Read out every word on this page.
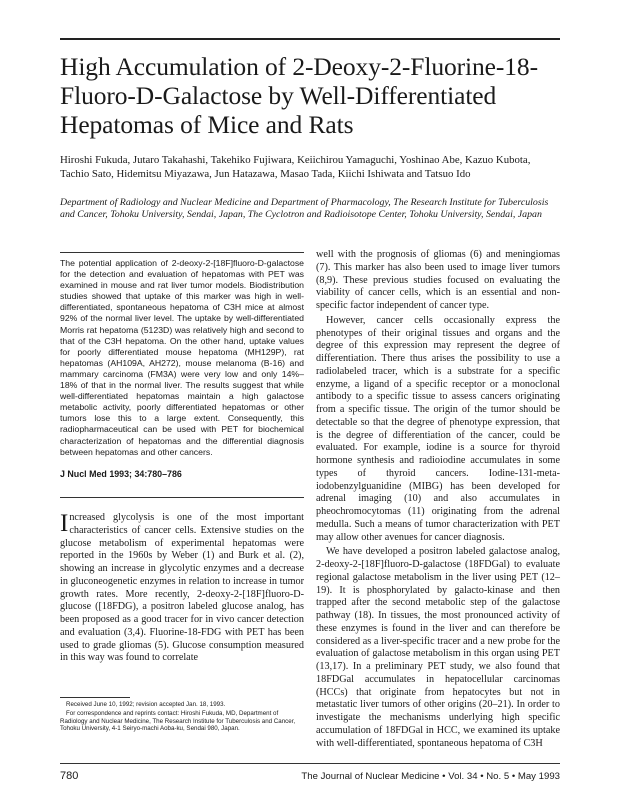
High Accumulation of 2-Deoxy-2-Fluorine-18-Fluoro-D-Galactose by Well-Differentiated Hepatomas of Mice and Rats

Hiroshi Fukuda, Jutaro Takahashi, Takehiko Fujiwara, Keiichirou Yamaguchi, Yoshinao Abe, Kazuo Kubota, Tachio Sato, Hidemitsu Miyazawa, Jun Hatazawa, Masao Tada, Kiichi Ishiwata and Tatsuo Ido

Department of Radiology and Nuclear Medicine and Department of Pharmacology, The Research Institute for Tuberculosis and Cancer, Tohoku University, Sendai, Japan, The Cyclotron and Radioisotope Center, Tohoku University, Sendai, Japan

The potential application of 2-deoxy-2-[18F]fluoro-D-galactose for the detection and evaluation of hepatomas with PET was examined in mouse and rat liver tumor models. Biodistribution studies showed that uptake of this marker was high in well-differentiated, spontaneous hepatoma of C3H mice at almost 92% of the normal liver level. The uptake by well-differentiated Morris rat hepatoma (5123D) was relatively high and second to that of the C3H hepatoma. On the other hand, uptake values for poorly differentiated mouse hepatoma (MH129P), rat hepatomas (AH109A, AH272), mouse melanoma (B-16) and mammary carcinoma (FM3A) were very low and only 14%–18% of that in the normal liver. The results suggest that while well-differentiated hepatomas maintain a high galactose metabolic activity, poorly differentiated hepatomas or other tumors lose this to a large extent. Consequently, this radiopharmaceutical can be used with PET for biochemical characterization of hepatomas and the differential diagnosis between hepatomas and other cancers.

J Nucl Med 1993; 34:780–786

Increased glycolysis is one of the most important characteristics of cancer cells. Extensive studies on the glucose metabolism of experimental hepatomas were reported in the 1960s by Weber (1) and Burk et al. (2), showing an increase in glycolytic enzymes and a decrease in gluconeogenetic enzymes in relation to increase in tumor growth rates. More recently, 2-deoxy-2-[18F]fluoro-D-glucose ([18FDG), a positron labeled glucose analog, has been proposed as a good tracer for in vivo cancer detection and evaluation (3,4). Fluorine-18-FDG with PET has been used to grade gliomas (5). Glucose consumption measured in this way was found to correlate

Received June 10, 1992; revision accepted Jan. 18, 1993.

For correspondence and reprints contact: Hiroshi Fukuda, MD, Department of Radiology and Nuclear Medicine, The Research Institute for Tuberculosis and Cancer, Tohoku University, 4-1 Seiryo-machi Aoba-ku, Sendai 980, Japan.

well with the prognosis of gliomas (6) and meningiomas (7). This marker has also been used to image liver tumors (8,9). These previous studies focused on evaluating the viability of cancer cells, which is an essential and non-specific factor independent of cancer type.

However, cancer cells occasionally express the phenotypes of their original tissues and organs and the degree of this expression may represent the degree of differentiation. There thus arises the possibility to use a radiolabeled tracer, which is a substrate for a specific enzyme, a ligand of a specific receptor or a monoclonal antibody to a specific tissue to assess cancers originating from a specific tissue. The origin of the tumor should be detectable so that the degree of phenotype expression, that is the degree of differentiation of the cancer, could be evaluated. For example, iodine is a source for thyroid hormone synthesis and radioiodine accumulates in some types of thyroid cancers. Iodine-131-meta-iodobenzylguanidine (MIBG) has been developed for adrenal imaging (10) and also accumulates in pheochromocytomas (11) originating from the adrenal medulla. Such a means of tumor characterization with PET may allow other avenues for cancer diagnosis.

We have developed a positron labeled galactose analog, 2-deoxy-2-[18F]fluoro-D-galactose (18FDGal) to evaluate regional galactose metabolism in the liver using PET (12–19). It is phosphorylated by galacto-kinase and then trapped after the second metabolic step of the galactose pathway (18). In tissues, the most pronounced activity of these enzymes is found in the liver and can therefore be considered as a liver-specific tracer and a new probe for the evaluation of galactose metabolism in this organ using PET (13,17). In a preliminary PET study, we also found that 18FDGal accumulates in hepatocellular carcinomas (HCCs) that originate from hepatocytes but not in metastatic liver tumors of other origins (20–21). In order to investigate the mechanisms underlying high specific accumulation of 18FDGal in HCC, we examined its uptake with well-differentiated, spontaneous hepatoma of C3H

780	The Journal of Nuclear Medicine • Vol. 34 • No. 5 • May 1993
